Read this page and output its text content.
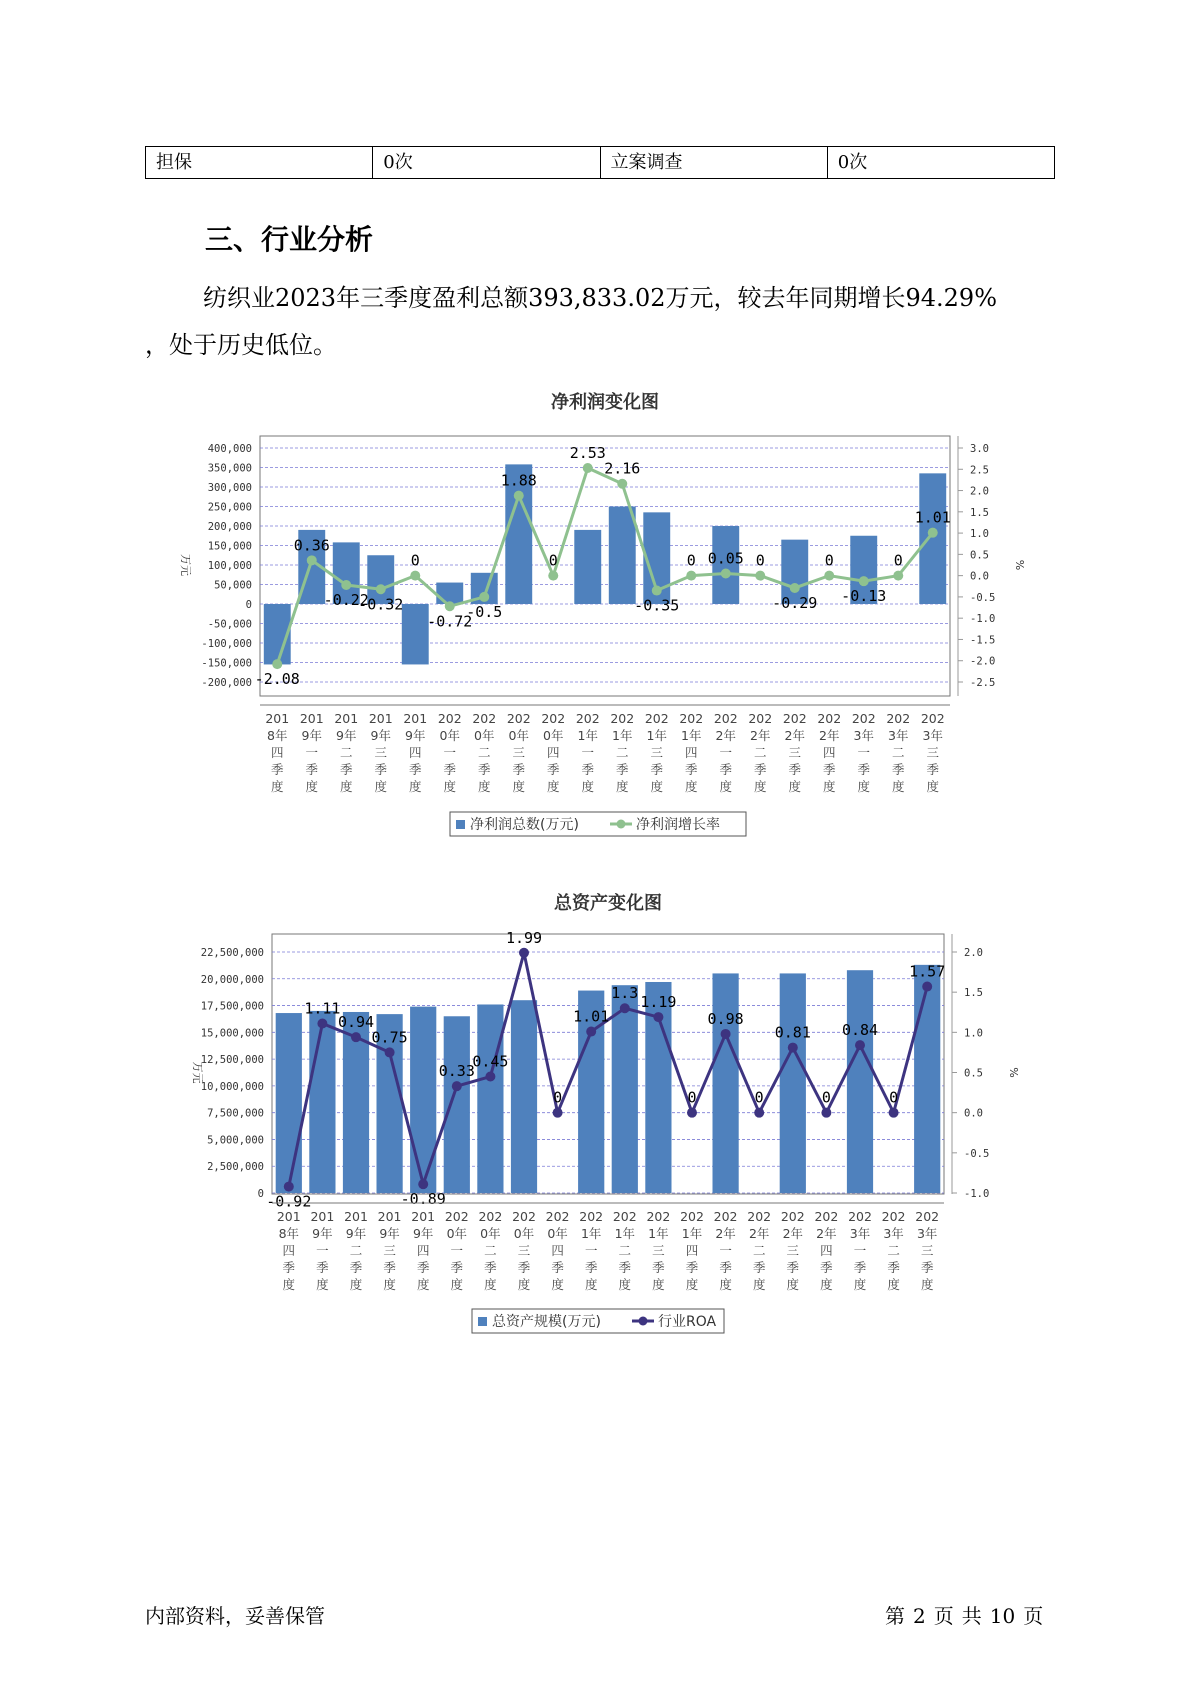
担保	0次	立案调查	0次
三、行业分析

纺织业2023年三季度盈利总额393,833.02万元，较去年同期增长94.29%
，处于历史低位。

净利润变化图
400,000
350,000
300,000
250,000
200,000
150,000
100,000
50,000
0
-50,000
-100,000
-150,000
-200,000
3.0
2.5
2.0
1.5
1.0
0.5
0.0
-0.5
-1.0
-1.5
-2.0
-2.5
万元	%
-2.08
0.36
-0.22
-0.32
0
-0.72
-0.5
1.88
0
2.53
2.16
-0.35
0 0.05 0
-0.29
0
-0.13
0
1.01
201 8年四季度
201 9年一季度
201 9年二季度
201 9年三季度
201 9年四季度
202 0年一季度
202 0年二季度
202 0年三季度
202 0年四季度
202 1年一季度
202 1年二季度
202 1年三季度
202 1年四季度
202 2年一季度
202 2年二季度
202 2年三季度
202 2年四季度
202 3年一季度
202 3年二季度
202 3年三季度
净利润总数(万元)	净利润增长率
总资产变化图
22,500,000
20,000,000
17,500,000
15,000,000
12,500,000
10,000,000
7,500,000
5,000,000
2,500,000
0
2.0
1.5
1.0
0.5
0.0
-0.5
-1.0
万元	%
-0.92
1.11
0.94
0.75
-0.89
0.33
0.45
1.99
0
1.01
1.3 1.19
0
0.98
0
0.81
0
0.84
0
1.57
201 8年四季度
201 9年一季度
201 9年二季度
201 9年三季度
201 9年四季度
202 0年一季度
202 0年二季度
202 0年三季度
202 0年四季度
202 1年一季度
202 1年二季度
202 1年三季度
202 1年四季度
202 2年一季度
202 2年二季度
202 2年三季度
202 2年四季度
202 3年一季度
202 3年二季度
202 3年三季度
总资产规模(万元)	行业ROA
内部资料，妥善保管	第 2 页 共 10 页
